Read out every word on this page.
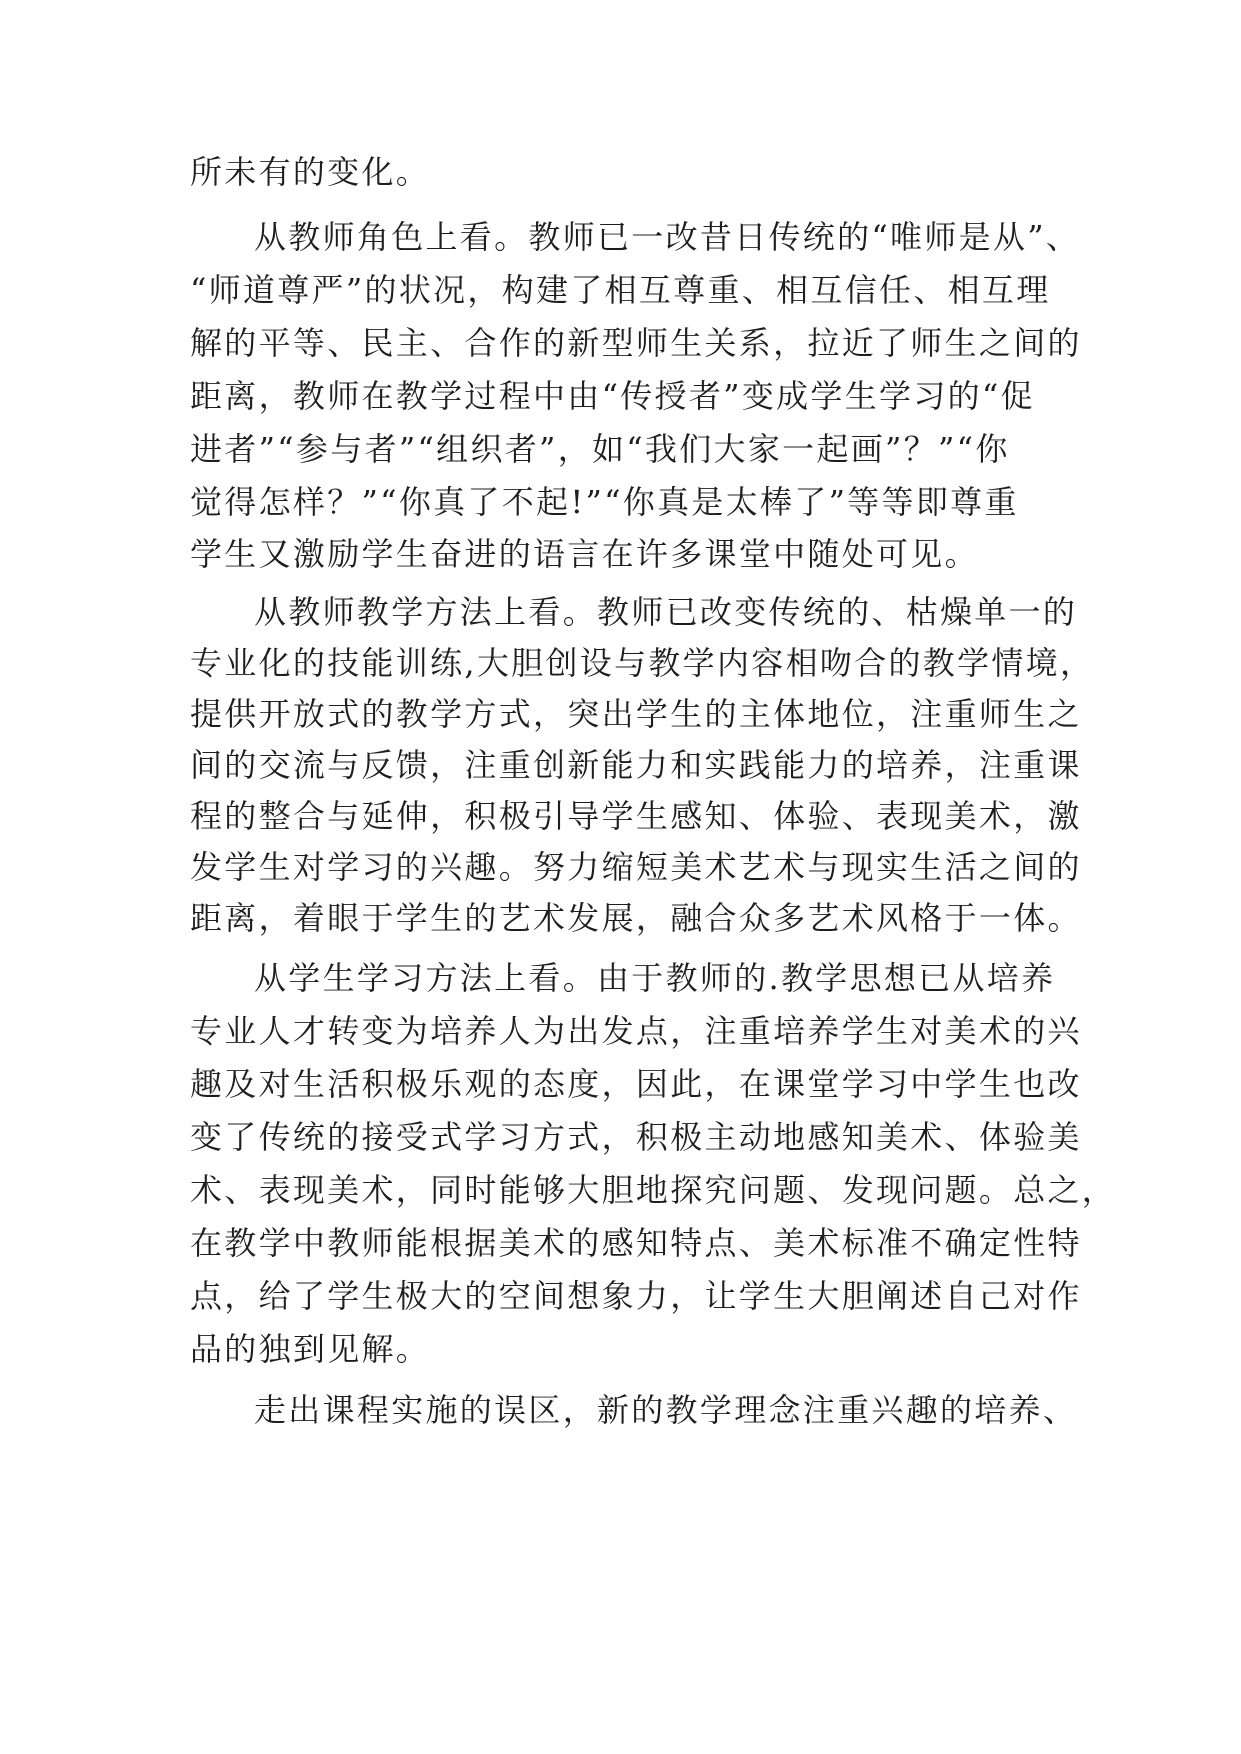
所未有的变化。

从教师角色上看。教师已一改昔日传统的“唯师是从”、

“师道尊严”的状况，构建了相互尊重、相互信任、相互理

解的平等、民主、合作的新型师生关系，拉近了师生之间的

距离，教师在教学过程中由“传授者”变成学生学习的“促

进者”“参与者”“组织者”，如“我们大家一起画”？”“你

觉得怎样？”“你真了不起!”“你真是太棒了”等等即尊重

学生又激励学生奋进的语言在许多课堂中随处可见。

从教师教学方法上看。教师已改变传统的、枯燥单一的

专业化的技能训练,大胆创设与教学内容相吻合的教学情境，

提供开放式的教学方式，突出学生的主体地位，注重师生之

间的交流与反馈，注重创新能力和实践能力的培养，注重课

程的整合与延伸，积极引导学生感知、体验、表现美术，激

发学生对学习的兴趣。努力缩短美术艺术与现实生活之间的

距离，着眼于学生的艺术发展，融合众多艺术风格于一体。

从学生学习方法上看。由于教师的.教学思想已从培养

专业人才转变为培养人为出发点，注重培养学生对美术的兴

趣及对生活积极乐观的态度，因此，在课堂学习中学生也改

变了传统的接受式学习方式，积极主动地感知美术、体验美

术、表现美术，同时能够大胆地探究问题、发现问题。总之，

在教学中教师能根据美术的感知特点、美术标准不确定性特

点，给了学生极大的空间想象力，让学生大胆阐述自己对作

品的独到见解。

走出课程实施的误区，新的教学理念注重兴趣的培养、
